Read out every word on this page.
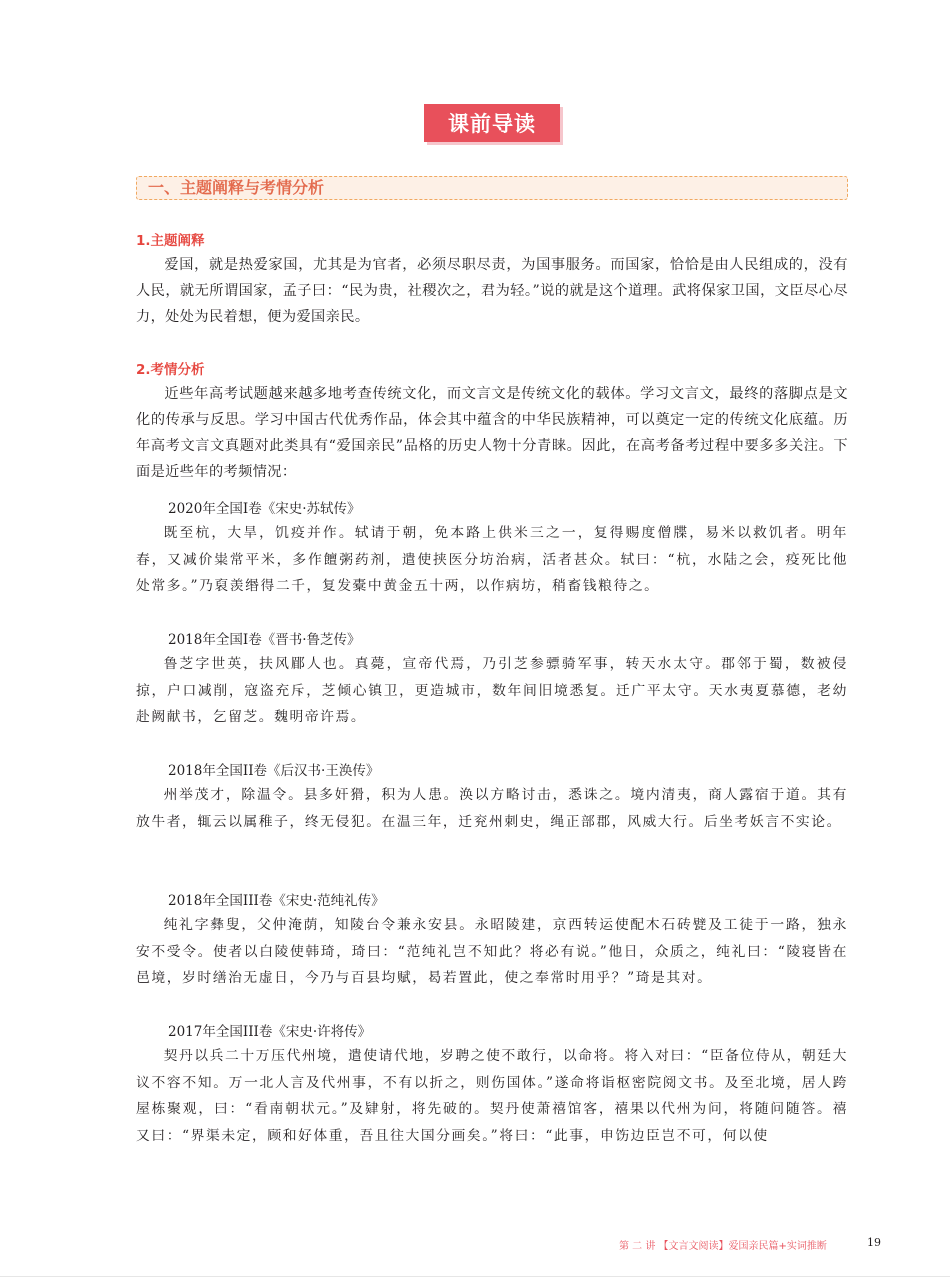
课前导读
一、主题阐释与考情分析
1.主题阐释
爱国，就是热爱家国，尤其是为官者，必须尽职尽责，为国事服务。而国家，恰恰是由人民组成的，没有人民，就无所谓国家，孟子曰：“民为贵，社稷次之，君为轻。”说的就是这个道理。武将保家卫国，文臣尽心尽力，处处为民着想，便为爱国亲民。
2.考情分析
近些年高考试题越来越多地考查传统文化，而文言文是传统文化的载体。学习文言文，最终的落脚点是文化的传承与反思。学习中国古代优秀作品，体会其中蕴含的中华民族精神，可以奠定一定的传统文化底蕴。历年高考文言文真题对此类具有“爱国亲民”品格的历史人物十分青睐。因此，在高考备考过程中要多多关注。下面是近些年的考频情况：
2020年全国I卷《宋史·苏轼传》
既至杭，大旱，饥疫并作。轼请于朝，免本路上供米三之一，复得赐度僧牒，易米以救饥者。明年春，又减价粜常平米，多作饘粥药剂，遣使挟医分坊治病，活者甚众。轼曰：“杭，水陆之会，疫死比他处常多。”乃裒羡缗得二千，复发橐中黄金五十两，以作病坊，稍畜钱粮待之。
2018年全国I卷《晋书·鲁芝传》
鲁芝字世英，扶风郿人也。真薨，宣帝代焉，乃引芝参骠骑军事，转天水太守。郡邻于蜀，数被侵掠，户口减削，寇盗充斥，芝倾心镇卫，更造城市，数年间旧境悉复。迁广平太守。天水夷夏慕德，老幼赴阙献书，乞留芝。魏明帝许焉。
2018年全国II卷《后汉书·王涣传》
州举茂才，除温令。县多奸猾，积为人患。涣以方略讨击，悉诛之。境内清夷，商人露宿于道。其有放牛者，辄云以属稚子，终无侵犯。在温三年，迁兖州刺史，绳正部郡，风威大行。后坐考妖言不实论。
2018年全国III卷《宋史·范纯礼传》
纯礼字彝叟，父仲淹荫，知陵台令兼永安县。永昭陵建，京西转运使配木石砖甓及工徒于一路，独永安不受令。使者以白陵使韩琦，琦曰：“范纯礼岂不知此？将必有说。”他日，众质之，纯礼曰：“陵寝皆在邑境，岁时缮治无虚日，今乃与百县均赋，曷若置此，使之奉常时用乎？”琦是其对。
2017年全国III卷《宋史·许将传》
契丹以兵二十万压代州境，遣使请代地，岁聘之使不敢行，以命将。将入对曰：“臣备位侍从，朝廷大议不容不知。万一北人言及代州事，不有以折之，则伤国体。”遂命将诣枢密院阅文书。及至北境，居人跨屋栋聚观，曰：“看南朝状元。”及肄射，将先破的。契丹使萧禧馆客，禧果以代州为问，将随问随答。禧又曰：“界渠未定，顾和好体重，吾且往大国分画矣。”将曰：“此事，申饬边臣岂不可，何以使
第 二 讲 【文言文阅读】爱国亲民篇+实词推断	19
